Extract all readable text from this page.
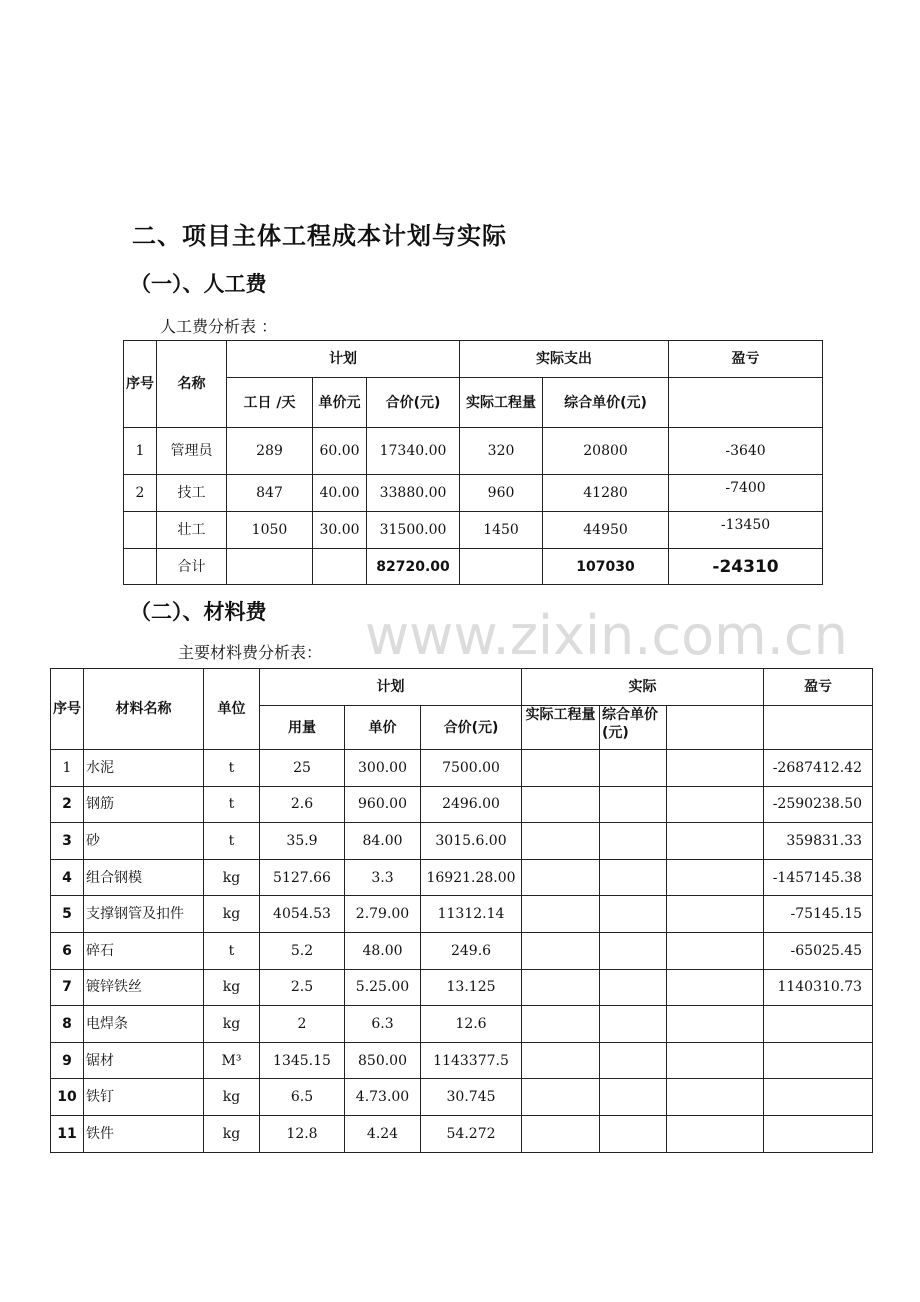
二、项目主体工程成本计划与实际
（一）、人工费
人工费分析表 ：
序号	名称	计划			实际支出		盈亏
		工日 /天	单价元	合价(元)	实际工程量	综合单价(元)	
1	管理员	289	60.00	17340.00	320	20800	-3640
2	技工	847	40.00	33880.00	960	41280	-7400
	壮工	1050	30.00	31500.00	1450	44950	-13450
	合计			82720.00		107030	-24310
（二）、材料费 www.zixin.com.cn
主要材料费分析表：
序号	材料名称	单位	计划			实际			盈亏
			用量	单价	合价(元)	实际工程量	综合单价(元)		
1	水泥	t	25	300.00	7500.00				-2687412.42
2	钢筋	t	2.6	960.00	2496.00				-2590238.50
3	砂	t	35.9	84.00	3015.6.00				359831.33
4	组合钢模	kg	5127.66	3.3	16921.28.00				-1457145.38
5	支撑钢管及扣件	kg	4054.53	2.79.00	11312.14				-75145.15
6	碎石	t	5.2	48.00	249.6				-65025.45
7	镀锌铁丝	kg	2.5	5.25.00	13.125				1140310.73
8	电焊条	kg	2	6.3	12.6				
9	锯材	M³	1345.15	850.00	1143377.5				
10	铁钉	kg	6.5	4.73.00	30.745				
11	铁件	kg	12.8	4.24	54.272				
